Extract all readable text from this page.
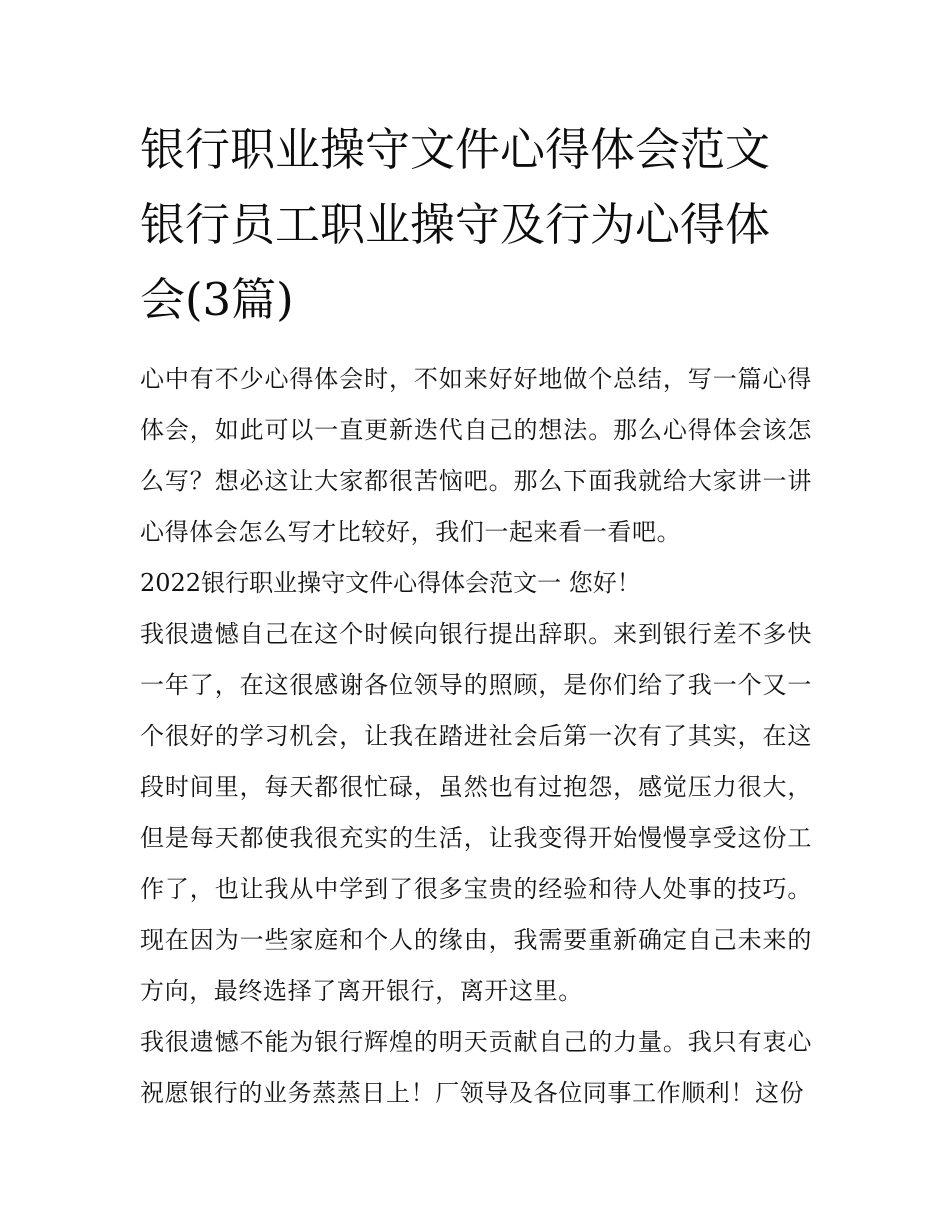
银行职业操守文件心得体会范文 银行员工职业操守及行为心得体会(3篇)

心中有不少心得体会时，不如来好好地做个总结，写一篇心得体会，如此可以一直更新迭代自己的想法。那么心得体会该怎么写？想必这让大家都很苦恼吧。那么下面我就给大家讲一讲心得体会怎么写才比较好，我们一起来看一看吧。

2022银行职业操守文件心得体会范文一 您好！

我很遗憾自己在这个时候向银行提出辞职。来到银行差不多快一年了，在这很感谢各位领导的照顾，是你们给了我一个又一个很好的学习机会，让我在踏进社会后第一次有了其实，在这段时间里，每天都很忙碌，虽然也有过抱怨，感觉压力很大，但是每天都使我很充实的生活，让我变得开始慢慢享受这份工作了，也让我从中学到了很多宝贵的经验和待人处事的技巧。现在因为一些家庭和个人的缘由，我需要重新确定自己未来的方向，最终选择了离开银行，离开这里。

我很遗憾不能为银行辉煌的明天贡献自己的力量。我只有衷心祝愿银行的业务蒸蒸日上！厂领导及各位同事工作顺利！这份
